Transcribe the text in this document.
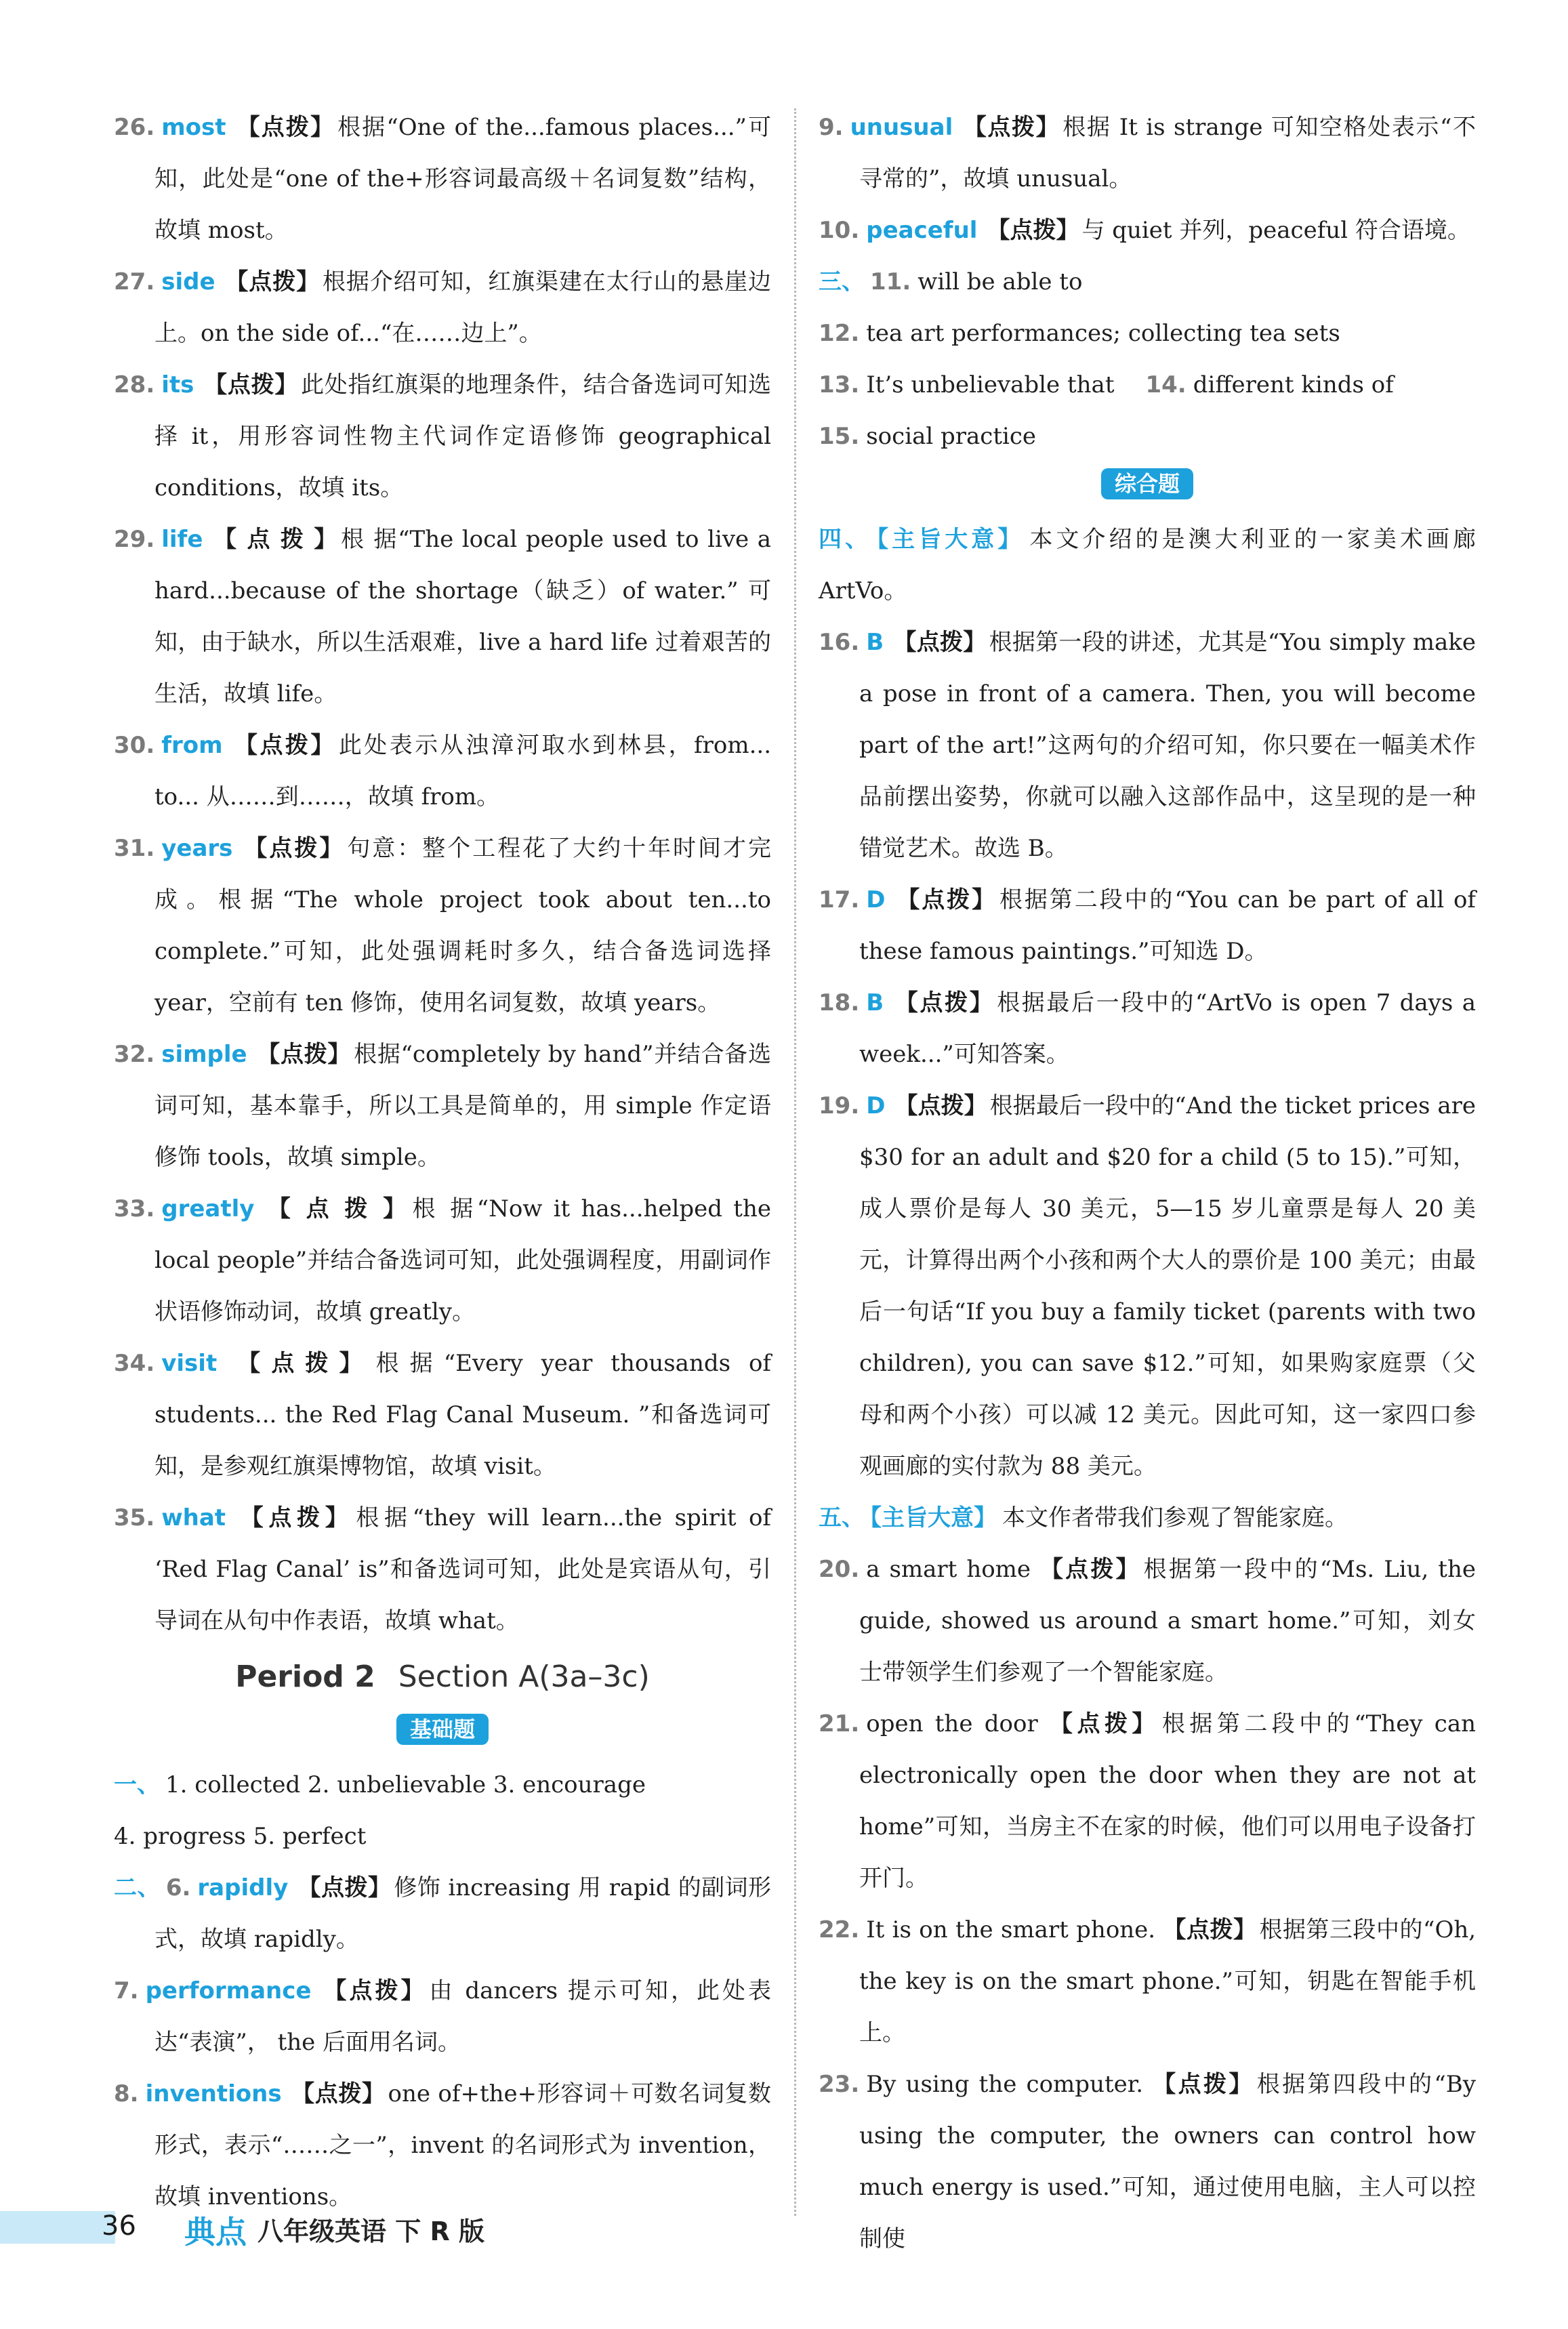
26. most 【点拨】 根据“One of the...famous places...”可知，此处是“one of the+形容词最高级＋名词复数”结构，故填 most。

27. side 【点拨】 根据介绍可知，红旗渠建在太行山的悬崖边上。on the side of...“在……边上”。

28. its 【点拨】 此处指红旗渠的地理条件，结合备选词可知选择 it，用形容词性物主代词作定语修饰 geographical conditions，故填 its。

29. life 【 点 拨 】 根 据“The local people used to live a hard...because of the shortage（缺乏）of water.” 可 知，由于缺水，所以生活艰难，live a hard life 过着艰苦的生活，故填 life。

30. from 【点拨】 此处表示从浊漳河取水到林县，from... to... 从……到……，故填 from。

31. years 【点拨】 句意：整个工程花了大约十年时间才完成。根据“The whole project took about ten...to complete.”可知，此处强调耗时多久，结合备选词选择 year，空前有 ten 修饰，使用名词复数，故填 years。

32. simple 【点拨】 根据“completely by hand”并结合备选词可知，基本靠手，所以工具是简单的，用 simple 作定语修饰 tools，故填 simple。

33. greatly 【 点 拨 】 根 据“Now it has...helped the local people”并结合备选词可知，此处强调程度，用副词作状语修饰动词，故填 greatly。

34. visit 【点拨】 根据“Every year thousands of students... the Red Flag Canal Museum. ”和备选词可知，是参观红旗渠博物馆，故填 visit。

35. what 【点拨】 根据“they will learn...the spirit of ‘Red Flag Canal’ is”和备选词可知，此处是宾语从句，引导词在从句中作表语，故填 what。

Period 2 Section A(3a–3c)
基础题

一、 1. collected 2. unbelievable 3. encourage

4. progress 5. perfect

二、 6. rapidly 【点拨】 修饰 increasing 用 rapid 的副词形式，故填 rapidly。

7. performance 【点拨】 由 dancers 提示可知，此处表达“表演”， the 后面用名词。

8. inventions 【点拨】 one of+the+形容词＋可数名词复数形式，表示“……之一”，invent 的名词形式为 invention，故填 inventions。

9. unusual 【点拨】 根据 It is strange 可知空格处表示“不寻常的”，故填 unusual。

10. peaceful 【点拨】 与 quiet 并列，peaceful 符合语境。

三、 11. will be able to

12. tea art performances; collecting tea sets

13. It’s unbelievable that 14. different kinds of

15. social practice

综合题

四、 【主旨大意】 本文介绍的是澳大利亚的一家美术画廊 ArtVo。

16. B 【点拨】 根据第一段的讲述，尤其是“You simply make a pose in front of a camera. Then, you will become part of the art!”这两句的介绍可知，你只要在一幅美术作品前摆出姿势，你就可以融入这部作品中，这呈现的是一种错觉艺术。故选 B。

17. D 【点拨】 根据第二段中的“You can be part of all of these famous paintings.”可知选 D。

18. B 【点拨】 根据最后一段中的“ArtVo is open 7 days a week...”可知答案。

19. D 【点拨】 根据最后一段中的“And the ticket prices are $30 for an adult and $20 for a child (5 to 15).”可知，成人票价是每人 30 美元，5—15 岁儿童票是每人 20 美元，计算得出两个小孩和两个大人的票价是 100 美元；由最后一句话“If you buy a family ticket (parents with two children), you can save $12.”可知，如果购家庭票（父母和两个小孩）可以减 12 美元。因此可知，这一家四口参观画廊的实付款为 88 美元。

五、 【主旨大意】 本文作者带我们参观了智能家庭。

20. a smart home 【点拨】 根据第一段中的“Ms. Liu, the guide, showed us around a smart home.”可知，刘女士带领学生们参观了一个智能家庭。

21. open the door 【点拨】 根据第二段中的“They can electronically open the door when they are not at home”可知，当房主不在家的时候，他们可以用电子设备打开门。

22. It is on the smart phone. 【点拨】 根据第三段中的“Oh, the key is on the smart phone.”可知，钥匙在智能手机上。

23. By using the computer. 【点拨】 根据第四段中的“By using the computer, the owners can control how much energy is used.”可知，通过使用电脑，主人可以控制使

36 典点 八年级英语 下 R 版
